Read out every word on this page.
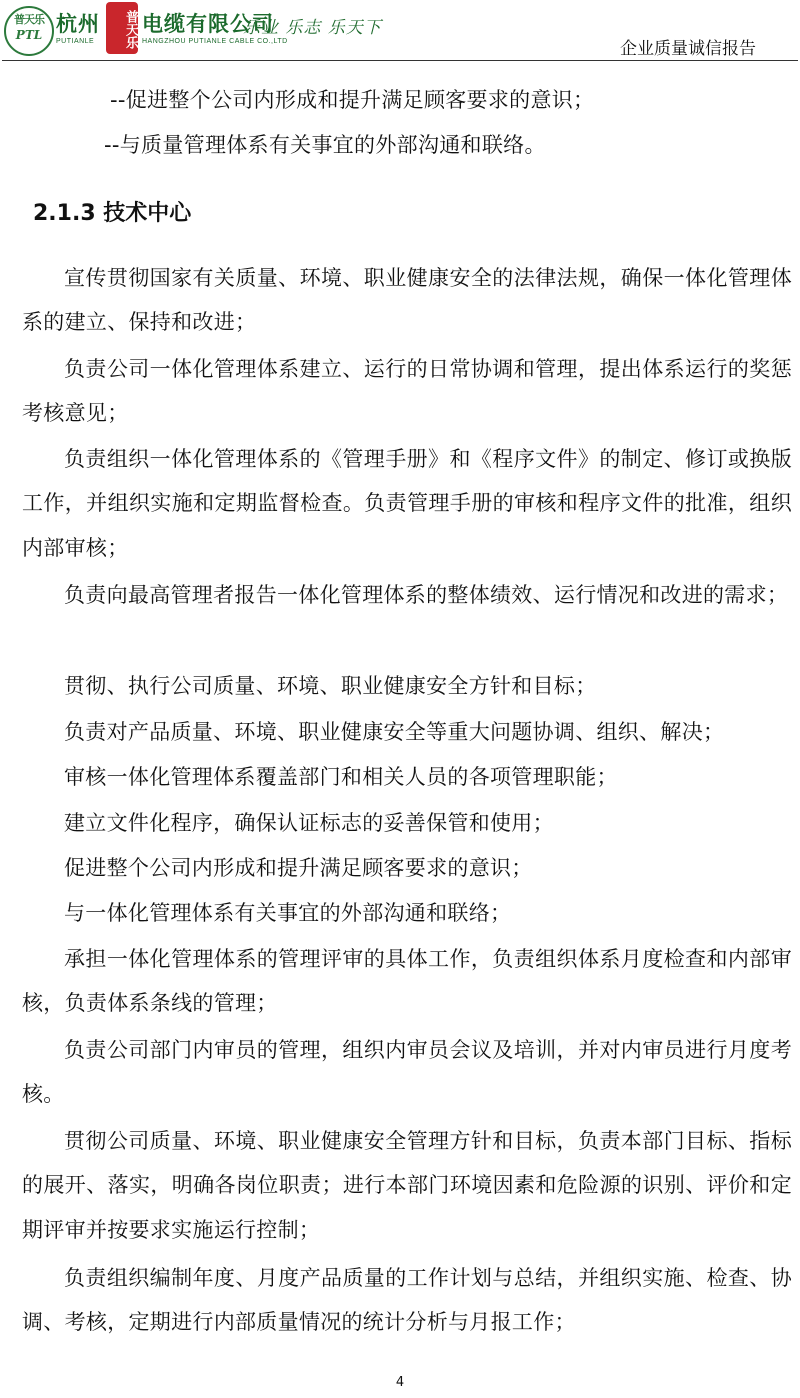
普天乐
PTL 杭州	普天乐 电缆有限公司
PUTIANLE	HANGZHOU PUTIANLE CABLE CO.,LTD
乐业 乐志 乐天下
企业质量诚信报告
--促进整个公司内形成和提升满足顾客要求的意识；
--与质量管理体系有关事宜的外部沟通和联络。
2.1.3 技术中心
宣传贯彻国家有关质量、环境、职业健康安全的法律法规，确保一体化管理体系的建立、保持和改进；
负责公司一体化管理体系建立、运行的日常协调和管理，提出体系运行的奖惩考核意见；
负责组织一体化管理体系的《管理手册》和《程序文件》的制定、修订或换版工作，并组织实施和定期监督检查。负责管理手册的审核和程序文件的批准，组织内部审核；
负责向最高管理者报告一体化管理体系的整体绩效、运行情况和改进的需求；
贯彻、执行公司质量、环境、职业健康安全方针和目标；
负责对产品质量、环境、职业健康安全等重大问题协调、组织、解决；
审核一体化管理体系覆盖部门和相关人员的各项管理职能；
建立文件化程序，确保认证标志的妥善保管和使用；
促进整个公司内形成和提升满足顾客要求的意识；
与一体化管理体系有关事宜的外部沟通和联络；
承担一体化管理体系的管理评审的具体工作，负责组织体系月度检查和内部审核，负责体系条线的管理；
负责公司部门内审员的管理，组织内审员会议及培训，并对内审员进行月度考核。
贯彻公司质量、环境、职业健康安全管理方针和目标，负责本部门目标、指标的展开、落实，明确各岗位职责；进行本部门环境因素和危险源的识别、评价和定期评审并按要求实施运行控制；
负责组织编制年度、月度产品质量的工作计划与总结，并组织实施、检查、协调、考核，定期进行内部质量情况的统计分析与月报工作；
4
